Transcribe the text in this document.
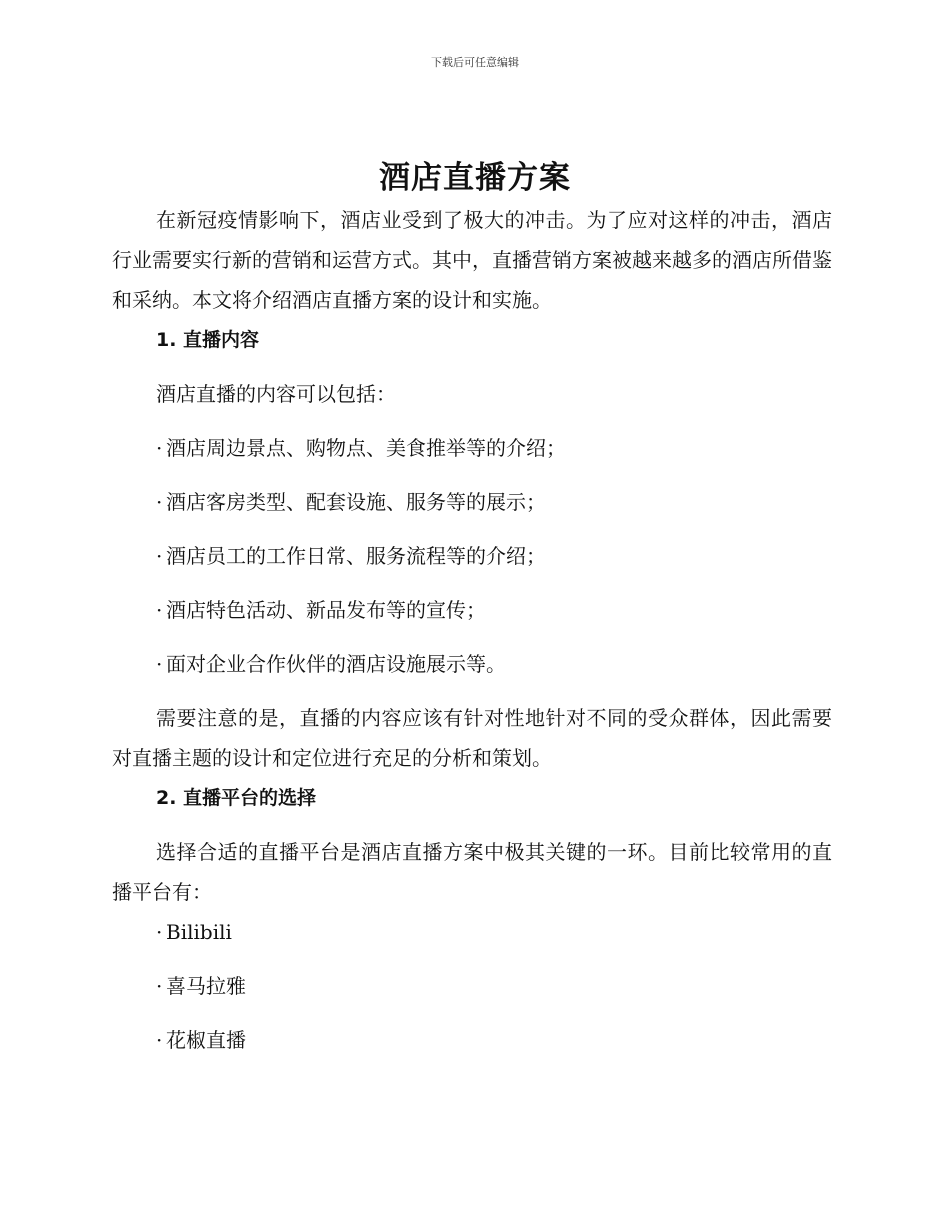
下载后可任意编辑
酒店直播方案

在新冠疫情影响下，酒店业受到了极大的冲击。为了应对这样的冲击，酒店行业需要实行新的营销和运营方式。其中，直播营销方案被越来越多的酒店所借鉴和采纳。本文将介绍酒店直播方案的设计和实施。

1. 直播内容
酒店直播的内容可以包括：
· 酒店周边景点、购物点、美食推举等的介绍；
· 酒店客房类型、配套设施、服务等的展示；
· 酒店员工的工作日常、服务流程等的介绍；
· 酒店特色活动、新品发布等的宣传；
· 面对企业合作伙伴的酒店设施展示等。

需要注意的是，直播的内容应该有针对性地针对不同的受众群体，因此需要对直播主题的设计和定位进行充足的分析和策划。

2. 直播平台的选择

选择合适的直播平台是酒店直播方案中极其关键的一环。目前比较常用的直播平台有：

· Bilibili
· 喜马拉雅
· 花椒直播
